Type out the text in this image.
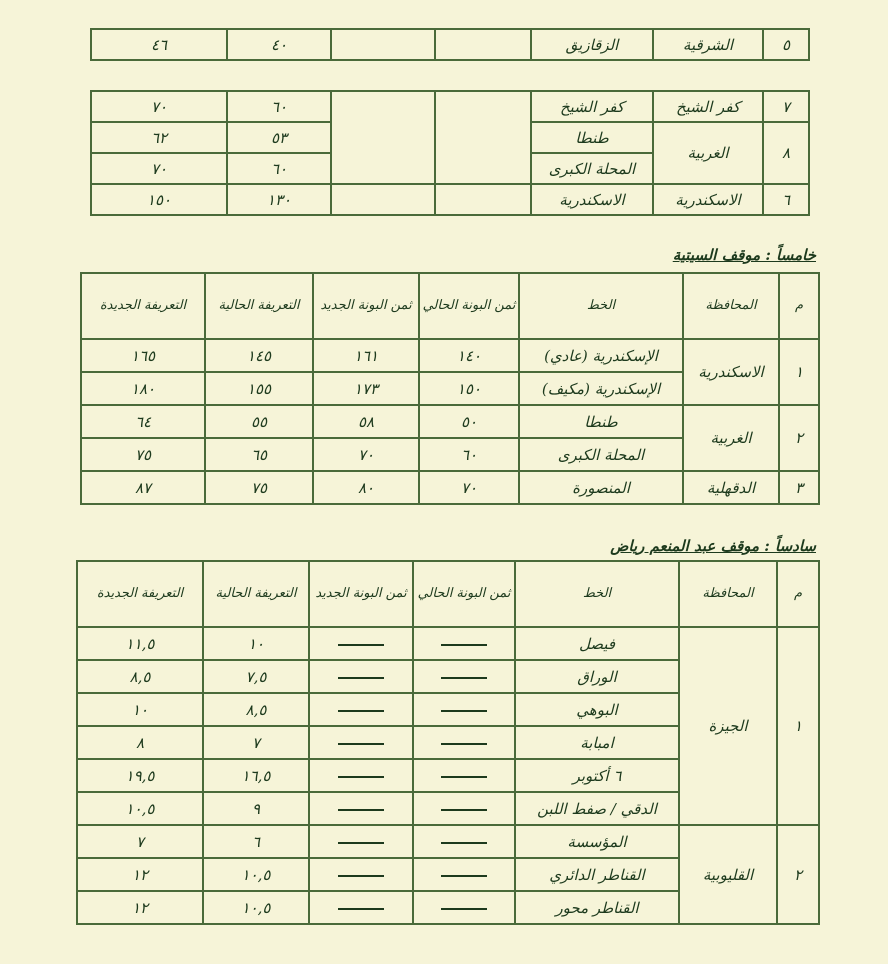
٥	الشرقية	الزقازيق			٤٠	٤٦
٧	كفر الشيخ	كفر الشيخ			٦٠	٧٠
٨	الغربية	طنطا			٥٣	٦٢
		المحلة الكبرى			٦٠	٧٠
٦	الاسكندرية	الاسكندرية			١٣٠	١٥٠
خامساً : موقف السيتية
م	المحافظة	الخط	ثمن البونة الحالي	ثمن البونة الجديد	التعريفة الحالية	التعريفة الجديدة
١	الاسكندرية	الإسكندرية (عادي)	١٤٠	١٦١	١٤٥	١٦٥
		الإسكندرية (مكيف)	١٥٠	١٧٣	١٥٥	١٨٠
٢	الغربية	طنطا	٥٠	٥٨	٥٥	٦٤
		المحلة الكبرى	٦٠	٧٠	٦٥	٧٥
٣	الدقهلية	المنصورة	٧٠	٨٠	٧٥	٨٧
سادساً : موقف عبد المنعم رياض
م	المحافظة	الخط	ثمن البونة الحالي	ثمن البونة الجديد	التعريفة الحالية	التعريفة الجديدة
١	الجيزة	فيصل			١٠	١١,٥
		الوراق			٧,٥	٨,٥
		البوهي			٨,٥	١٠
		امبابة			٧	٨
		٦ أكتوبر			١٦,٥	١٩,٥
		الدقي / صفط اللبن			٩	١٠,٥
٢	القليوبية	المؤسسة			٦	٧
		القناطر الدائري			١٠,٥	١٢
		القناطر محور			١٠,٥	١٢
